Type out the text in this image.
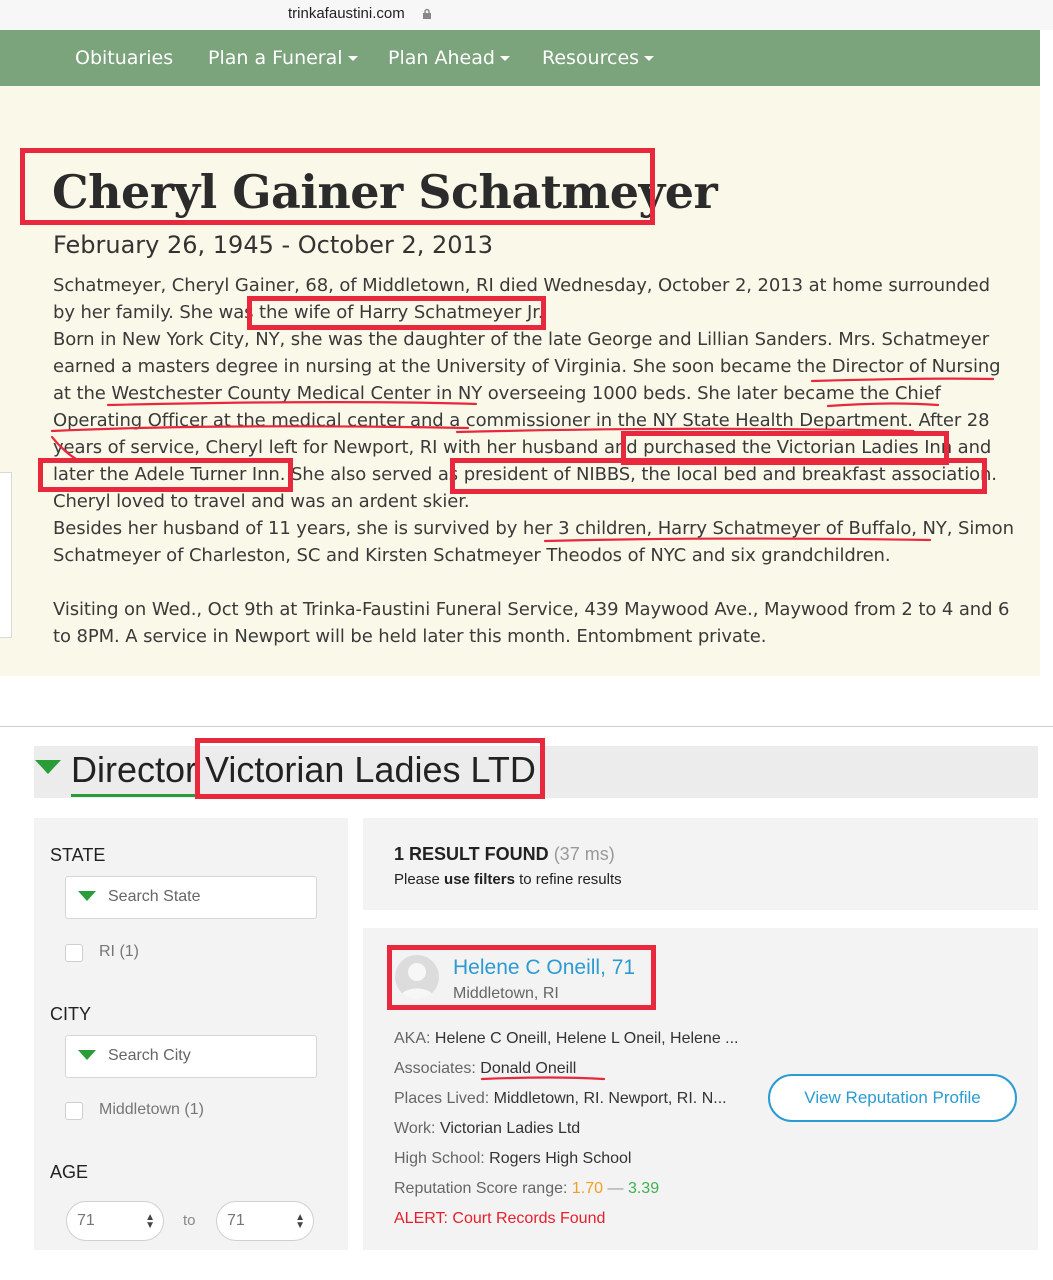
trinkafaustini.com
Obituaries Plan a Funeral	Plan Ahead	Resources
Cheryl Gainer Schatmeyer
February 26, 1945 - October 2, 2013

Schatmeyer, Cheryl Gainer, 68, of Middletown, RI died Wednesday, October 2, 2013 at home surrounded

by her family. She was the wife of Harry Schatmeyer Jr.

Born in New York City, NY, she was the daughter of the late George and Lillian Sanders. Mrs. Schatmeyer

earned a masters degree in nursing at the University of Virginia. She soon became the Director of Nursing

at the Westchester County Medical Center in NY overseeing 1000 beds. She later became the Chief

Operating Officer at the medical center and a commissioner in the NY State Health Department. After 28

years of service, Cheryl left for Newport, RI with her husband and purchased the Victorian Ladies Inn and

later the Adele Turner Inn. She also served as president of NIBBS, the local bed and breakfast association.

Cheryl loved to travel and was an ardent skier.

Besides her husband of 11 years, she is survived by her 3 children, Harry Schatmeyer of Buffalo, NY, Simon

Schatmeyer of Charleston, SC and Kirsten Schatmeyer Theodos of NYC and six grandchildren.

Visiting on Wed., Oct 9th at Trinka-Faustini Funeral Service, 439 Maywood Ave., Maywood from 2 to 4 and 6

to 8PM. A service in Newport will be held later this month. Entombment private.

Director Victorian Ladies LTD
STATE
Search State
RI (1)
CITY
Search City
Middletown (1)
AGE
71	▲
▼ to 71	▲
▼
1 RESULT FOUND (37 ms)
Please use filters to refine results
Helene C Oneill, 71
Middletown, RI
AKA: Helene C Oneill, Helene L Oneil, Helene ...
Associates: Donald Oneill
Places Lived: Middletown, RI. Newport, RI. N...
Work: Victorian Ladies Ltd
High School: Rogers High School
Reputation Score range: 1.70 — 3.39
ALERT: Court Records Found
View Reputation Profile
